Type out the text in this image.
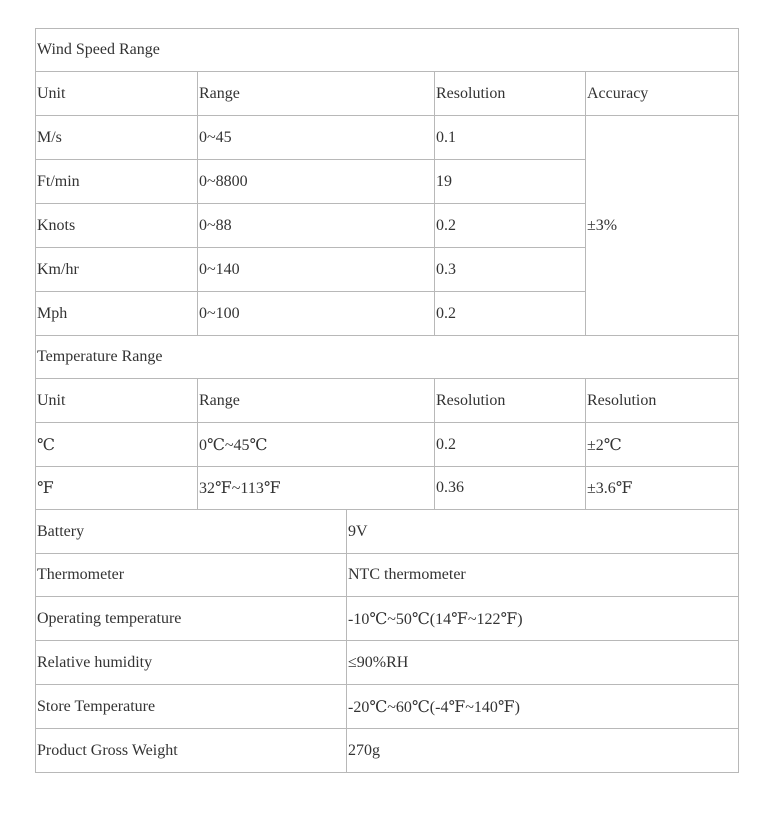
Wind Speed Range				
Unit	Range		Resolution	Accuracy
M/s	0~45		0.1	±3%
Ft/min	0~8800		19	
Knots	0~88		0.2	
Km/hr	0~140		0.3	
Mph	0~100		0.2	
Temperature Range				
Unit	Range		Resolution	Resolution
℃	0℃~45℃		0.2	±2℃
℉	32℉~113℉		0.36	±3.6℉
Battery		9V		
Thermometer		NTC thermometer		
Operating temperature		-10℃~50℃(14℉~122℉)		
Relative humidity		≤90%RH		
Store Temperature		-20℃~60℃(-4℉~140℉)		
Product Gross Weight		270g		
